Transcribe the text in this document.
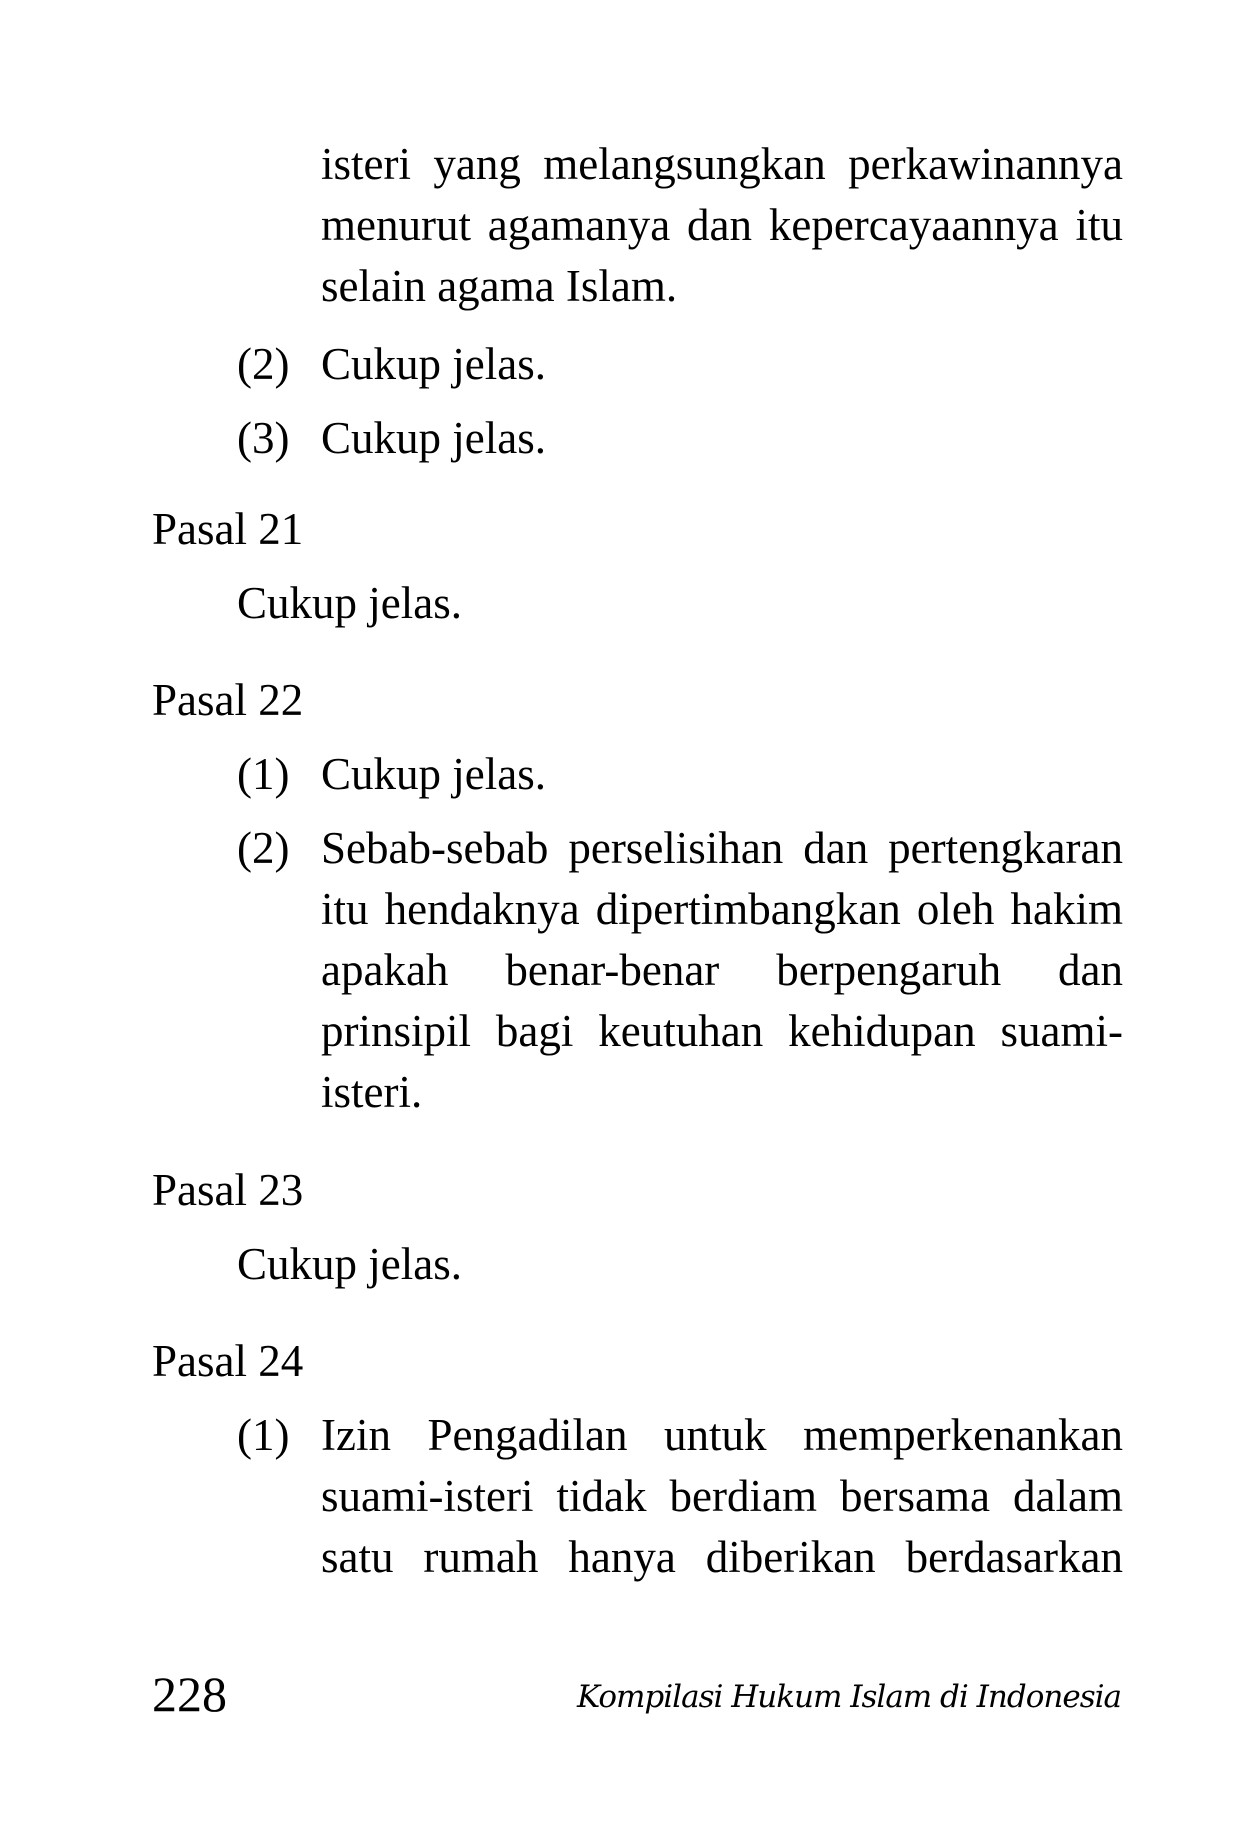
isteri yang melangsungkan perkawinannya
menurut agamanya dan kepercayaannya itu
selain agama Islam.
(2) Cukup jelas.
(3) Cukup jelas.
Pasal 21
Cukup jelas.
Pasal 22
(1) Cukup jelas.
(2) Sebab-sebab perselisihan dan pertengkaran
itu hendaknya dipertimbangkan oleh hakim
apakah benar-benar berpengaruh dan
prinsipil bagi keutuhan kehidupan suami-
isteri.
Pasal 23
Cukup jelas.
Pasal 24
(1) Izin Pengadilan untuk memperkenankan
suami-isteri tidak berdiam bersama dalam
satu rumah hanya diberikan berdasarkan
228	Kompilasi Hukum Islam di Indonesia
